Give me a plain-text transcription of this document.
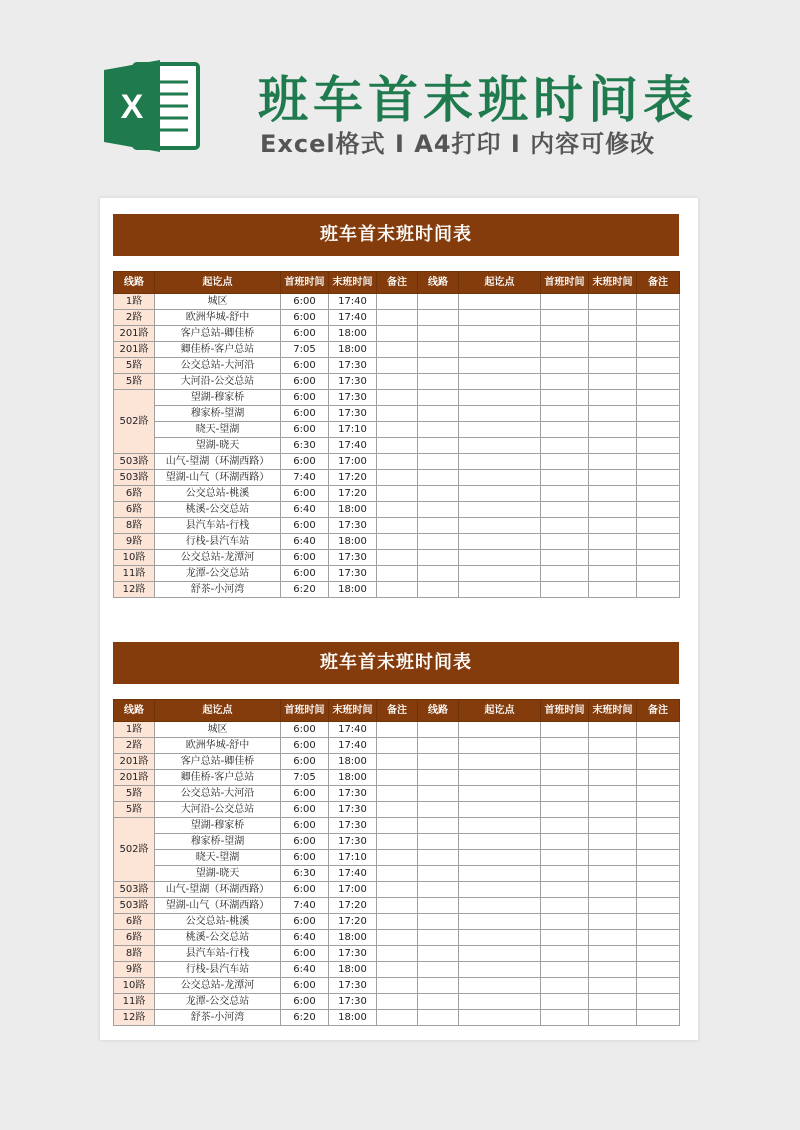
X 班车首末班时间表
Excel格式 I A4打印 I 内容可修改
班车首末班时间表
线路	起讫点	首班时间	末班时间	备注	线路	起讫点	首班时间	末班时间	备注
1路	城区	6:00	17:40						
2路	欧洲华城-舒中	6:00	17:40						
201路	客户总站-卿佳桥	6:00	18:00						
201路	卿佳桥-客户总站	7:05	18:00						
5路	公交总站-大河沿	6:00	17:30						
5路	大河沿-公交总站	6:00	17:30						
502路	望湖-穆家桥	6:00	17:30						
	穆家桥-望湖	6:00	17:30						
	晓天-望湖	6:00	17:10						
	望湖-晓天	6:30	17:40						
503路	山气-望湖（环湖西路）	6:00	17:00						
503路	望湖-山气（环湖西路）	7:40	17:20						
6路	公交总站-桃溪	6:00	17:20						
6路	桃溪-公交总站	6:40	18:00						
8路	县汽车站-行栈	6:00	17:30						
9路	行栈-县汽车站	6:40	18:00						
10路	公交总站-龙潭河	6:00	17:30						
11路	龙潭-公交总站	6:00	17:30						
12路	舒茶-小河湾	6:20	18:00						
班车首末班时间表
线路	起讫点	首班时间	末班时间	备注	线路	起讫点	首班时间	末班时间	备注
1路	城区	6:00	17:40						
2路	欧洲华城-舒中	6:00	17:40						
201路	客户总站-卿佳桥	6:00	18:00						
201路	卿佳桥-客户总站	7:05	18:00						
5路	公交总站-大河沿	6:00	17:30						
5路	大河沿-公交总站	6:00	17:30						
502路	望湖-穆家桥	6:00	17:30						
	穆家桥-望湖	6:00	17:30						
	晓天-望湖	6:00	17:10						
	望湖-晓天	6:30	17:40						
503路	山气-望湖（环湖西路）	6:00	17:00						
503路	望湖-山气（环湖西路）	7:40	17:20						
6路	公交总站-桃溪	6:00	17:20						
6路	桃溪-公交总站	6:40	18:00						
8路	县汽车站-行栈	6:00	17:30						
9路	行栈-县汽车站	6:40	18:00						
10路	公交总站-龙潭河	6:00	17:30						
11路	龙潭-公交总站	6:00	17:30						
12路	舒茶-小河湾	6:20	18:00						
